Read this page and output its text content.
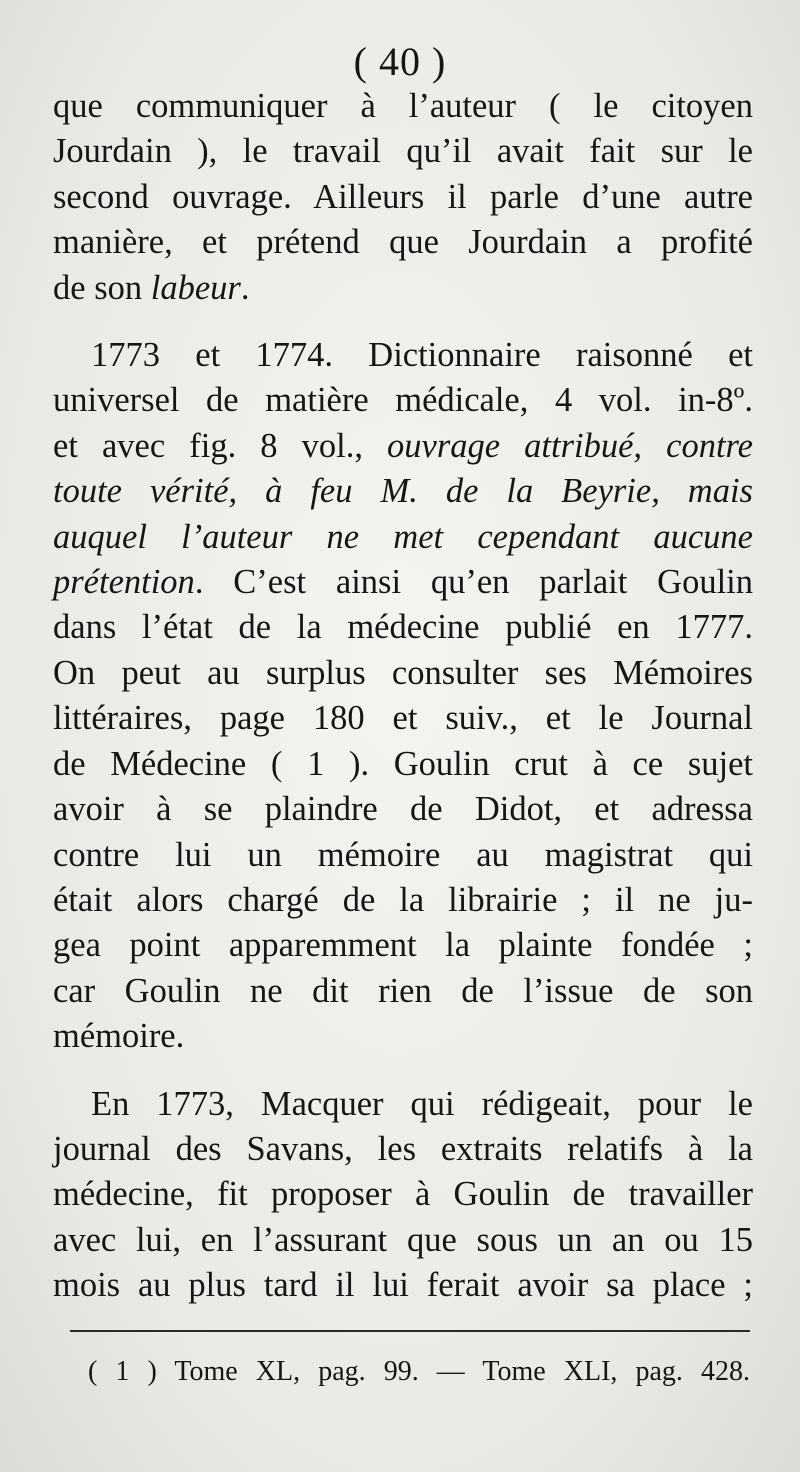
( 40 )
que communiquer à l’auteur ( le citoyen
Jourdain ), le travail qu’il avait fait sur le
second ouvrage. Ailleurs il parle d’une autre
manière, et prétend que Jourdain a profité
de son labeur.
1773 et 1774. Dictionnaire raisonné et
universel de matière médicale, 4 vol. in-8º.
et avec fig. 8 vol., ouvrage attribué, contre
toute vérité, à feu M. de la Beyrie, mais
auquel l’auteur ne met cependant aucune
prétention. C’est ainsi qu’en parlait Goulin
dans l’état de la médecine publié en 1777.
On peut au surplus consulter ses Mémoires
littéraires, page 180 et suiv., et le Journal
de Médecine ( 1 ). Goulin crut à ce sujet
avoir à se plaindre de Didot, et adressa
contre lui un mémoire au magistrat qui
était alors chargé de la librairie ; il ne ju-
gea point apparemment la plainte fondée ;
car Goulin ne dit rien de l’issue de son
mémoire.
En 1773, Macquer qui rédigeait, pour le
journal des Savans, les extraits relatifs à la
médecine, fit proposer à Goulin de travailler
avec lui, en l’assurant que sous un an ou 15
mois au plus tard il lui ferait avoir sa place ;
( 1 ) Tome XL, pag. 99. — Tome XLI, pag. 428.
